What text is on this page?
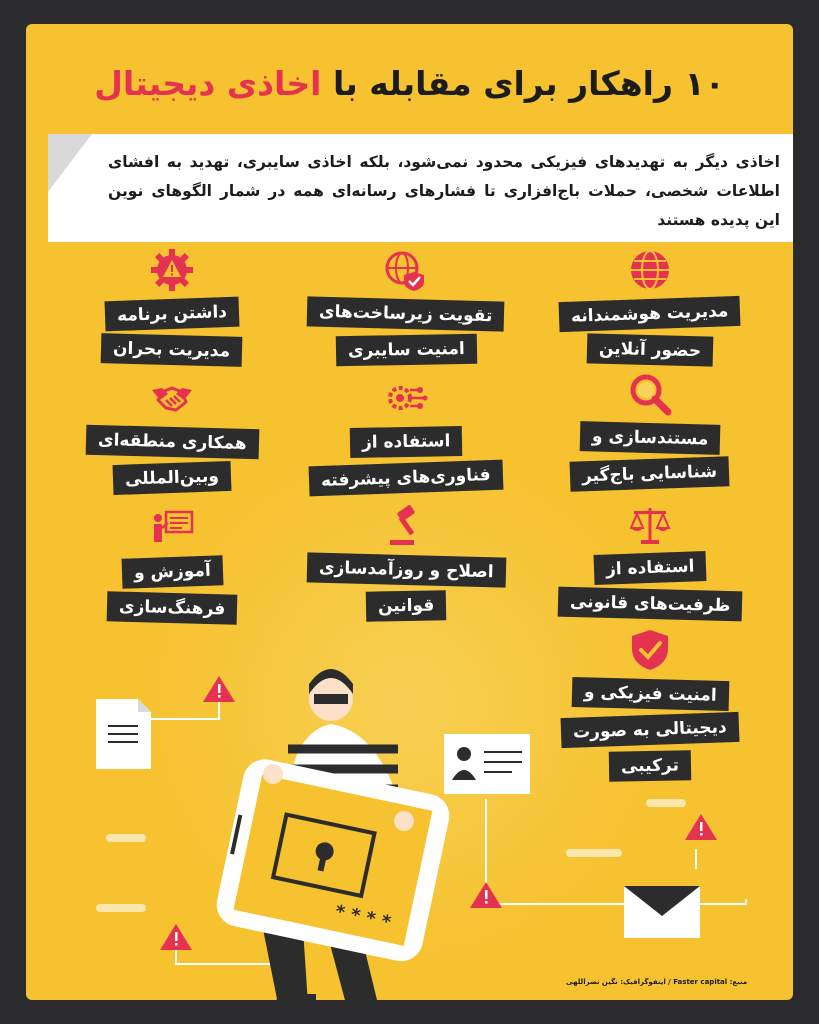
۱۰ راهکار برای مقابله با اخاذی دیجیتال

اخاذی دیگر به تهدیدهای فیزیکی محدود نمی‌شود، بلکه اخاذی سایبری، تهدید به افشای اطلاعات شخصی، حملات باج‌افزاری تا فشارهای رسانه‌ای همه در شمار الگوهای نوین این پدیده هستند

مدیریت هوشمندانه
حضور آنلاین
تقویت زیرساخت‌های
امنیت سایبری
داشتن برنامه
مدیریت بحران
مستندسازی و
شناسایی باج‌گیر
استفاده از
فناوری‌های پیشرفته
همکاری منطقه‌ای
وبین‌المللی
استفاده از
ظرفیت‌های قانونی
اصلاح و روزآمدسازی
قوانین
آموزش و
فرهنگ‌سازی
امنیت فیزیکی و
دیجیتالی به صورت
ترکیبی
* * * *
منبع: Faster capital / اینفوگرافیک: نگین نصراللهی
